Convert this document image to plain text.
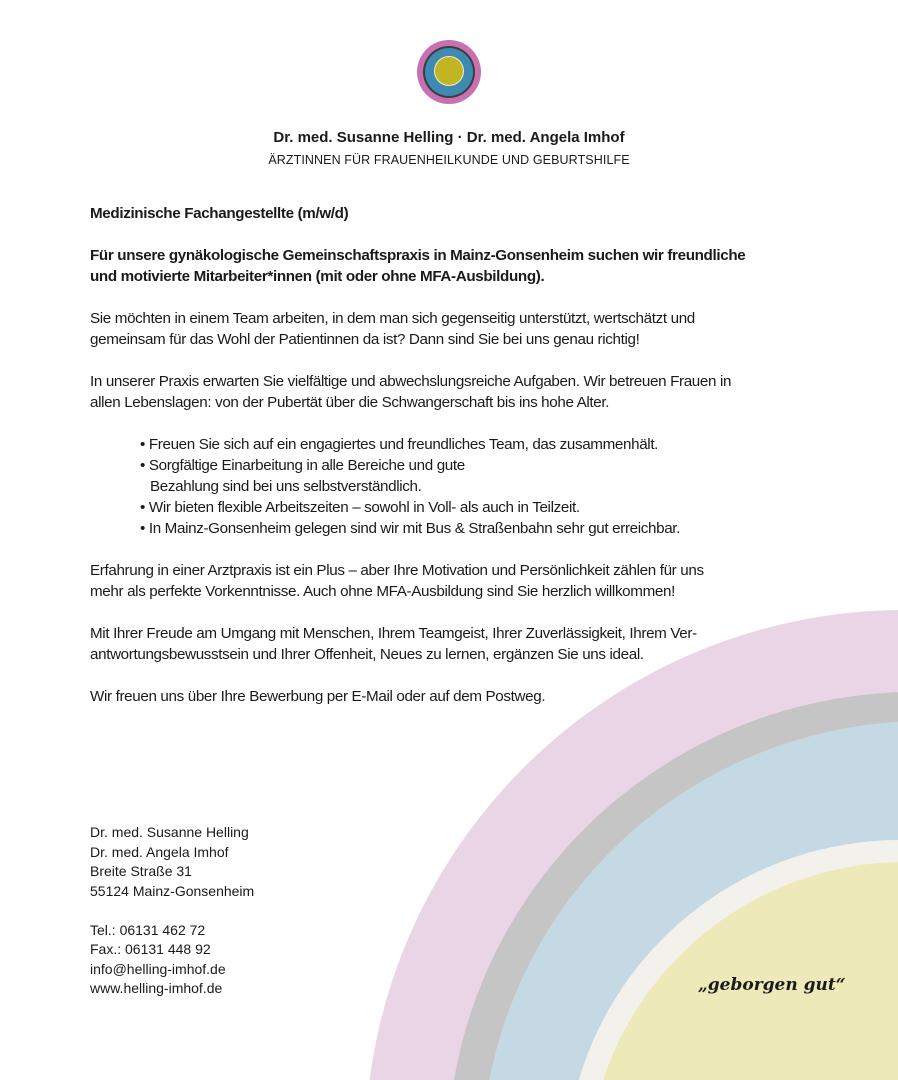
Dr. med. Susanne Helling · Dr. med. Angela Imhof
ÄRZTINNEN FÜR FRAUENHEILKUNDE UND GEBURTSHILFE

Medizinische Fachangestellte (m/w/d)

Für unsere gynäkologische Gemeinschaftspraxis in Mainz-Gonsenheim suchen wir freundliche und motivierte Mitarbeiter*innen (mit oder ohne MFA-Ausbildung).

Sie möchten in einem Team arbeiten, in dem man sich gegenseitig unterstützt, wertschätzt und gemeinsam für das Wohl der Patientinnen da ist? Dann sind Sie bei uns genau richtig!

In unserer Praxis erwarten Sie vielfältige und abwechslungsreiche Aufgaben. Wir betreuen Frauen in allen Lebenslagen: von der Pubertät über die Schwangerschaft bis ins hohe Alter.

• Freuen Sie sich auf ein engagiertes und freundliches Team, das zusammenhält.
• Sorgfältige Einarbeitung in alle Bereiche und gute Bezahlung sind bei uns selbstverständlich.
• Wir bieten flexible Arbeitszeiten – sowohl in Voll- als auch in Teilzeit.
• In Mainz-Gonsenheim gelegen sind wir mit Bus & Straßenbahn sehr gut erreichbar.

Erfahrung in einer Arztpraxis ist ein Plus – aber Ihre Motivation und Persönlichkeit zählen für uns mehr als perfekte Vorkenntnisse. Auch ohne MFA-Ausbildung sind Sie herzlich willkommen!

Mit Ihrer Freude am Umgang mit Menschen, Ihrem Teamgeist, Ihrer Zuverlässigkeit, Ihrem Verantwortungsbewusstsein und Ihrer Offenheit, Neues zu lernen, ergänzen Sie uns ideal.

Wir freuen uns über Ihre Bewerbung per E-Mail oder auf dem Postweg.

Dr. med. Susanne Helling
Dr. med. Angela Imhof
Breite Straße 31
55124 Mainz-Gonsenheim
Tel.: 06131 462 72
Fax.: 06131 448 92
info@helling-imhof.de
www.helling-imhof.de	„geborgen gut“
